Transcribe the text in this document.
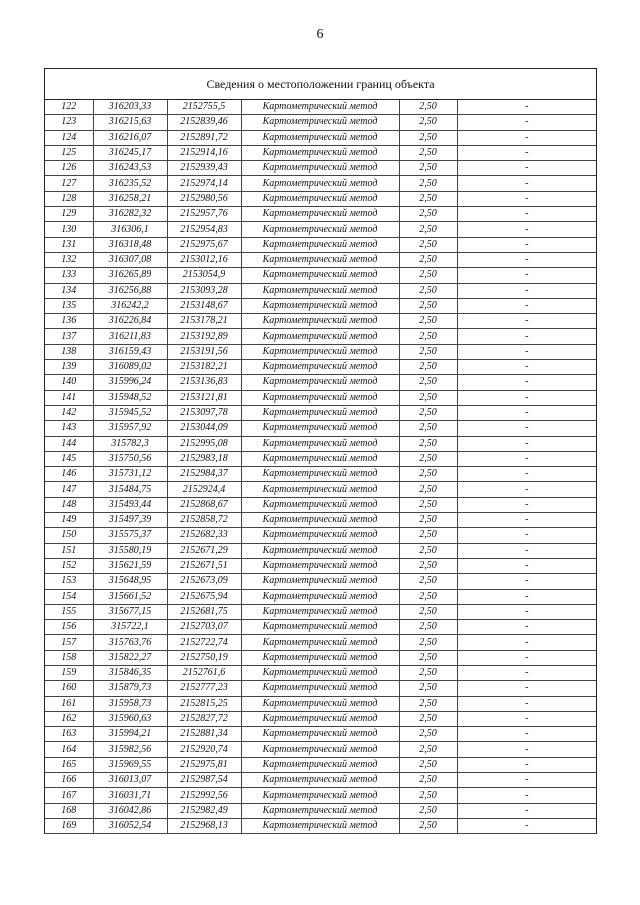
6
Сведения о местоположении границ объекта
122	316203,33	2152755,5	Картометрический метод	2,50	-
123	316215,63	2152839,46	Картометрический метод	2,50	-
124	316216,07	2152891,72	Картометрический метод	2,50	-
125	316245,17	2152914,16	Картометрический метод	2,50	-
126	316243,53	2152939,43	Картометрический метод	2,50	-
127	316235,52	2152974,14	Картометрический метод	2,50	-
128	316258,21	2152980,56	Картометрический метод	2,50	-
129	316282,32	2152957,76	Картометрический метод	2,50	-
130	316306,1	2152954,83	Картометрический метод	2,50	-
131	316318,48	2152975,67	Картометрический метод	2,50	-
132	316307,08	2153012,16	Картометрический метод	2,50	-
133	316265,89	2153054,9	Картометрический метод	2,50	-
134	316256,88	2153093,28	Картометрический метод	2,50	-
135	316242,2	2153148,67	Картометрический метод	2,50	-
136	316226,84	2153178,21	Картометрический метод	2,50	-
137	316211,83	2153192,89	Картометрический метод	2,50	-
138	316159,43	2153191,56	Картометрический метод	2,50	-
139	316089,02	2153182,21	Картометрический метод	2,50	-
140	315996,24	2153136,83	Картометрический метод	2,50	-
141	315948,52	2153121,81	Картометрический метод	2,50	-
142	315945,52	2153097,78	Картометрический метод	2,50	-
143	315957,92	2153044,09	Картометрический метод	2,50	-
144	315782,3	2152995,08	Картометрический метод	2,50	-
145	315750,56	2152983,18	Картометрический метод	2,50	-
146	315731,12	2152984,37	Картометрический метод	2,50	-
147	315484,75	2152924,4	Картометрический метод	2,50	-
148	315493,44	2152868,67	Картометрический метод	2,50	-
149	315497,39	2152858,72	Картометрический метод	2,50	-
150	315575,37	2152682,33	Картометрический метод	2,50	-
151	315580,19	2152671,29	Картометрический метод	2,50	-
152	315621,59	2152671,51	Картометрический метод	2,50	-
153	315648,95	2152673,09	Картометрический метод	2,50	-
154	315661,52	2152675,94	Картометрический метод	2,50	-
155	315677,15	2152681,75	Картометрический метод	2,50	-
156	315722,1	2152703,07	Картометрический метод	2,50	-
157	315763,76	2152722,74	Картометрический метод	2,50	-
158	315822,27	2152750,19	Картометрический метод	2,50	-
159	315846,35	2152761,6	Картометрический метод	2,50	-
160	315879,73	2152777,23	Картометрический метод	2,50	-
161	315958,73	2152815,25	Картометрический метод	2,50	-
162	315960,63	2152827,72	Картометрический метод	2,50	-
163	315994,21	2152881,34	Картометрический метод	2,50	-
164	315982,56	2152920,74	Картометрический метод	2,50	-
165	315969,55	2152975,81	Картометрический метод	2,50	-
166	316013,07	2152987,54	Картометрический метод	2,50	-
167	316031,71	2152992,56	Картометрический метод	2,50	-
168	316042,86	2152982,49	Картометрический метод	2,50	-
169	316052,54	2152968,13	Картометрический метод	2,50	-
